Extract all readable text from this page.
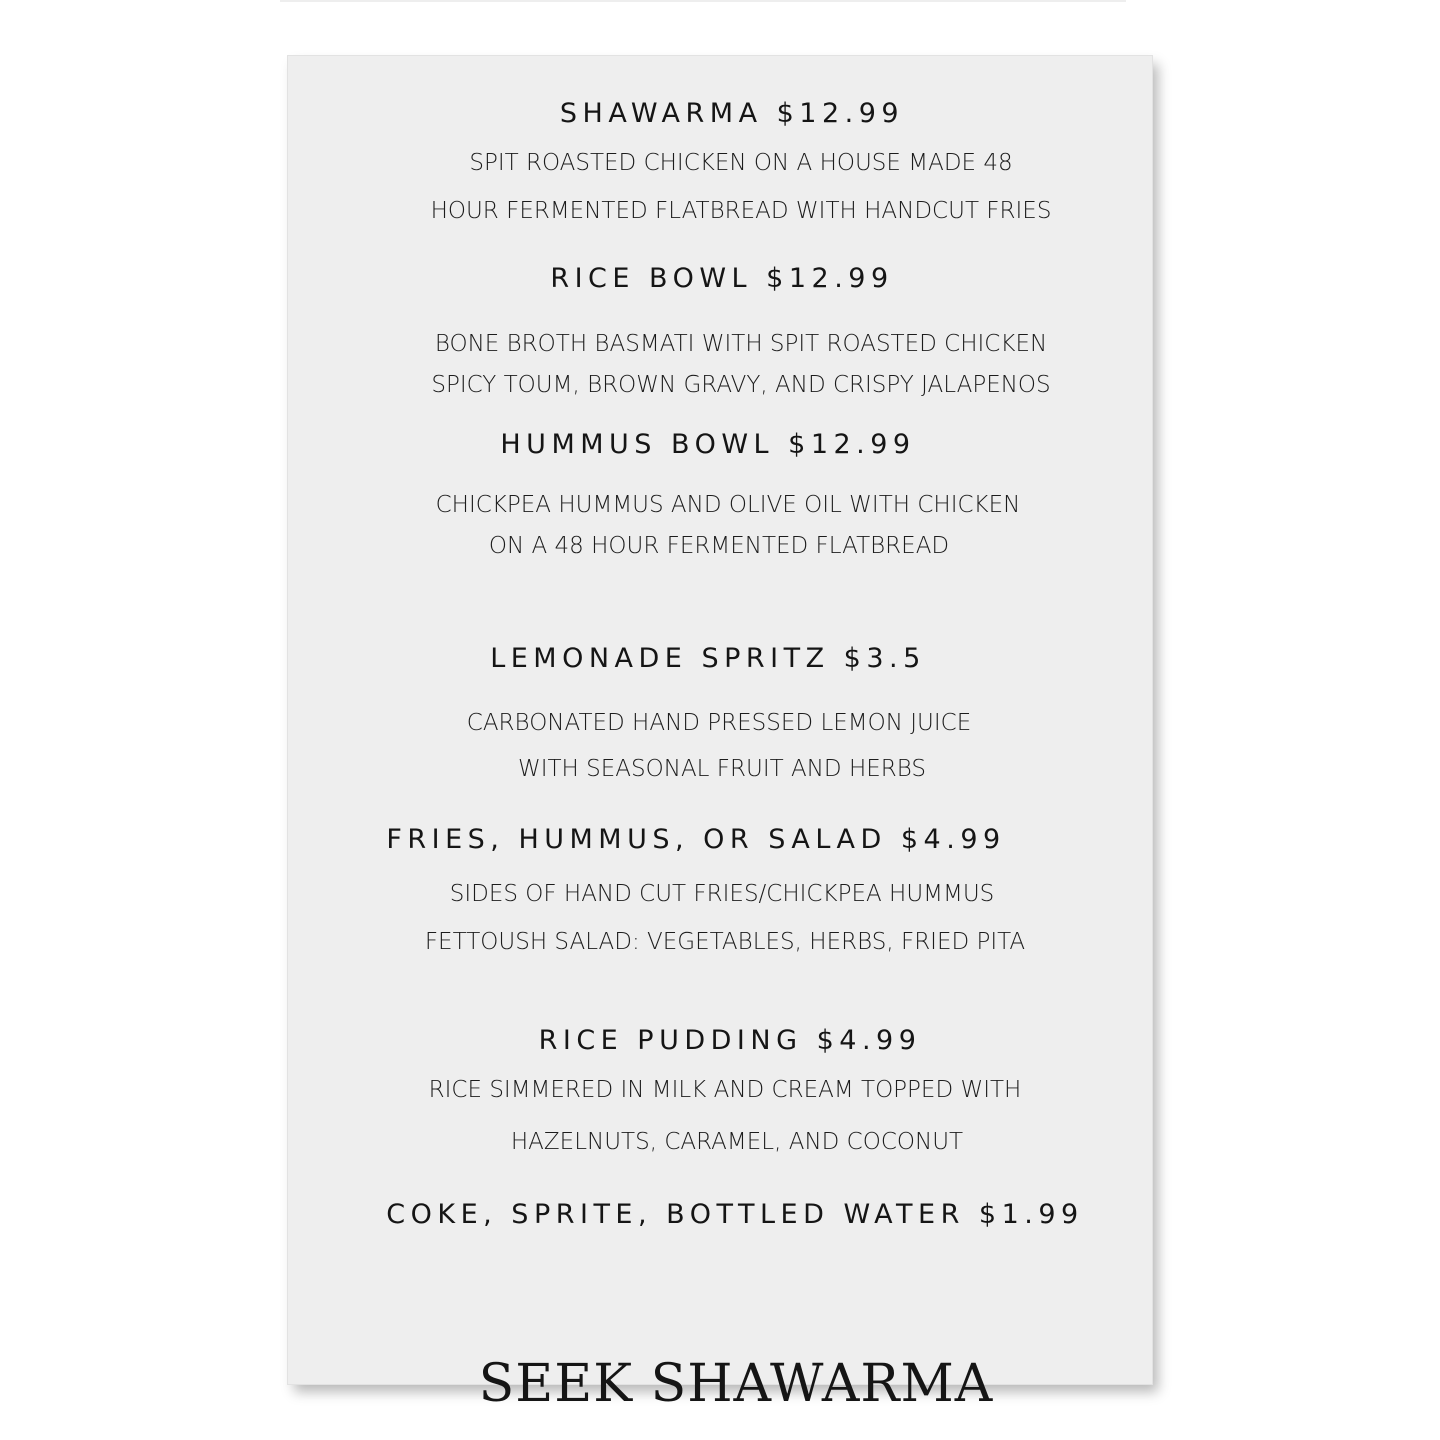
SHAWARMA $12.99
SPIT ROASTED CHICKEN ON A HOUSE MADE 48
HOUR FERMENTED FLATBREAD WITH HANDCUT FRIES
RICE BOWL $12.99
BONE BROTH BASMATI WITH SPIT ROASTED CHICKEN
SPICY TOUM, BROWN GRAVY, AND CRISPY JALAPENOS
HUMMUS BOWL $12.99
CHICKPEA HUMMUS AND OLIVE OIL WITH CHICKEN
ON A 48 HOUR FERMENTED FLATBREAD
LEMONADE SPRITZ $3.5
CARBONATED HAND PRESSED LEMON JUICE
WITH SEASONAL FRUIT AND HERBS
FRIES, HUMMUS, OR SALAD $4.99
SIDES OF HAND CUT FRIES/CHICKPEA HUMMUS
FETTOUSH SALAD: VEGETABLES, HERBS, FRIED PITA
RICE PUDDING $4.99
RICE SIMMERED IN MILK AND CREAM TOPPED WITH
HAZELNUTS, CARAMEL, AND COCONUT
COKE, SPRITE, BOTTLED WATER $1.99
SEEK SHAWARMA
